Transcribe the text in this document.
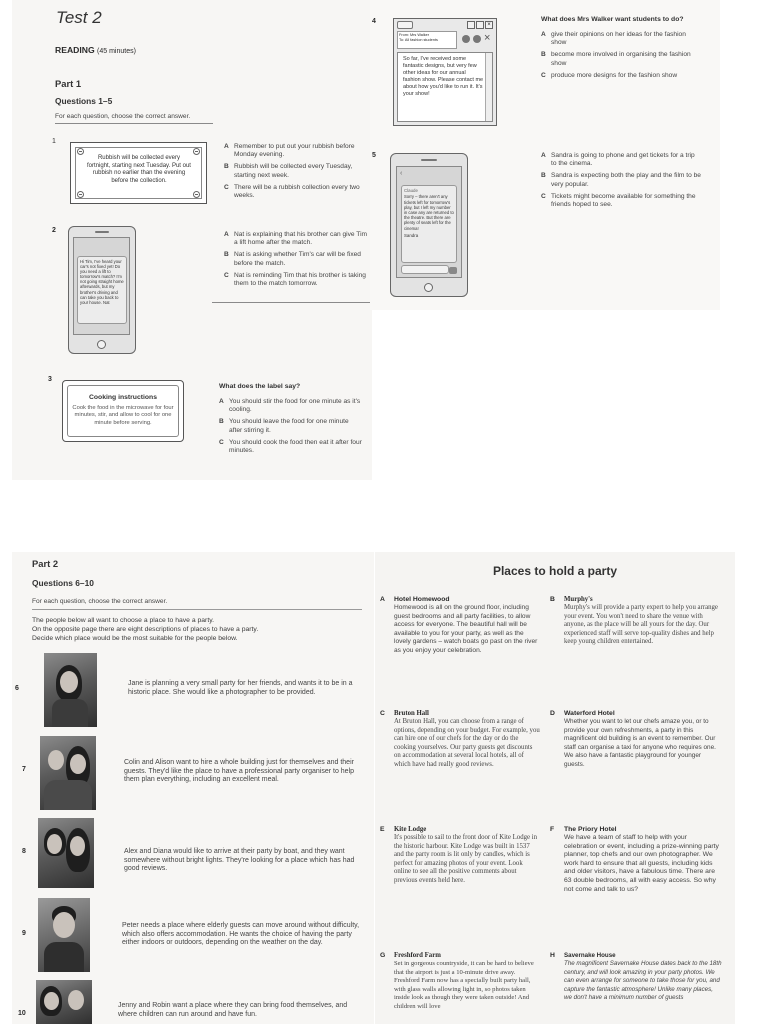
Test 2
READING (45 minutes)
Part 1
Questions 1–5
For each question, choose the correct answer.
1
Rubbish will be collected every fortnight, starting next Tuesday. Put out rubbish no earlier than the evening before the collection.
A Remember to put out your rubbish before Monday evening.
B Rubbish will be collected every Tuesday, starting next week.
C There will be a rubbish collection every two weeks.
2
Hi Tim, I've heard your car's not fixed yet! Do you need a lift to tomorrow's match? I'm not going straight home afterwards, but my brother's driving and can take you back to your house. Nat
A Nat is explaining that his brother can give Tim a lift home after the match.
B Nat is asking whether Tim's car will be fixed before the match.
C Nat is reminding Tim that his brother is taking them to the match tomorrow.
3
Cooking instructions
Cook the food in the microwave for four minutes, stir, and allow to cool for one minute before serving.
What does the label say?
A You should stir the food for one minute as it's cooling.
B You should leave the food for one minute after stirring it.
C You should cook the food then eat it after four minutes.
4	×
From: Mrs Walker
To: All fashion students	×
So far, I've received some fantastic designs, but very few other ideas for our annual fashion show. Please contact me about how you'd like to run it. It's your show!
What does Mrs Walker want students to do?
A give their opinions on her ideas for the fashion show
B become more involved in organising the fashion show
C produce more designs for the fashion show
5
‹
Claude
Sorry – there aren't any tickets left for tomorrow's play, but I left my number in case any are returned to the theatre. But there are plenty of seats left for the cinema!
Sandra
A Sandra is going to phone and get tickets for a trip to the cinema.
B Sandra is expecting both the play and the film to be very popular.
C Tickets might become available for something the friends hoped to see.
Part 2
Questions 6–10
For each question, choose the correct answer.
The people below all want to choose a place to have a party.
On the opposite page there are eight descriptions of places to have a party.
Decide which place would be the most suitable for the people below.
6
Jane is planning a very small party for her friends, and wants it to be in a historic place. She would like a photographer to be provided.
7
Colin and Alison want to hire a whole building just for themselves and their guests. They'd like the place to have a professional party organiser to help them plan everything, including an excellent meal.
8	Alex and Diana would like to arrive at their party by boat, and they want somewhere without bright lights. They're looking for a place which has had good reviews.
9
Peter needs a place where elderly guests can move around without difficulty, which also offers accommodation. He wants the choice of having the party either indoors or outdoors, depending on the weather on the day.
10
Jenny and Robin want a place where they can bring food themselves, and where children can run around and have fun.
Places to hold a party
A Hotel Homewood
Homewood is all on the ground floor, including guest bedrooms and all party facilities, to allow access for everyone. The beautiful hall will be available to you for your party, as well as the lovely gardens – watch boats go past on the river as you enjoy your celebration.
B Murphy's
Murphy's will provide a party expert to help you arrange your event. You won't need to share the venue with anyone, as the place will be all yours for the day. Our experienced staff will serve top-quality dishes and help keep young children entertained.
C Bruton Hall
At Bruton Hall, you can choose from a range of options, depending on your budget. For example, you can hire one of our chefs for the day or do the cooking yourselves. Our party guests get discounts on accommodation at several local hotels, all of which have had really good reviews.
D Waterford Hotel
Whether you want to let our chefs amaze you, or to provide your own refreshments, a party in this magnificent old building is an event to remember. Our staff can organise a taxi for anyone who requires one. We also have a fantastic playground for younger guests.
E Kite Lodge
It's possible to sail to the front door of Kite Lodge in the historic harbour. Kite Lodge was built in 1537 and the party room is lit only by candles, which is perfect for amazing photos of your event. Look online to see all the positive comments about previous events held here.
F The Priory Hotel
We have a team of staff to help with your celebration or event, including a prize-winning party planner, top chefs and our own photographer. We work hard to ensure that all guests, including kids and older visitors, have a fabulous time. There are 63 double bedrooms, all with easy access. So why not come and talk to us?
G Freshford Farm
Set in gorgeous countryside, it can be hard to believe that the airport is just a 10-minute drive away. Freshford Farm now has a specially built party hall, with glass walls allowing light in, so photos taken inside look as though they were taken outside! And children will love
H Savernake House
The magnificent Savernake House dates back to the 18th century, and will look amazing in your party photos. We can even arrange for someone to take those for you, and capture the fantastic atmosphere! Unlike many places, we don't have a minimum number of guests
